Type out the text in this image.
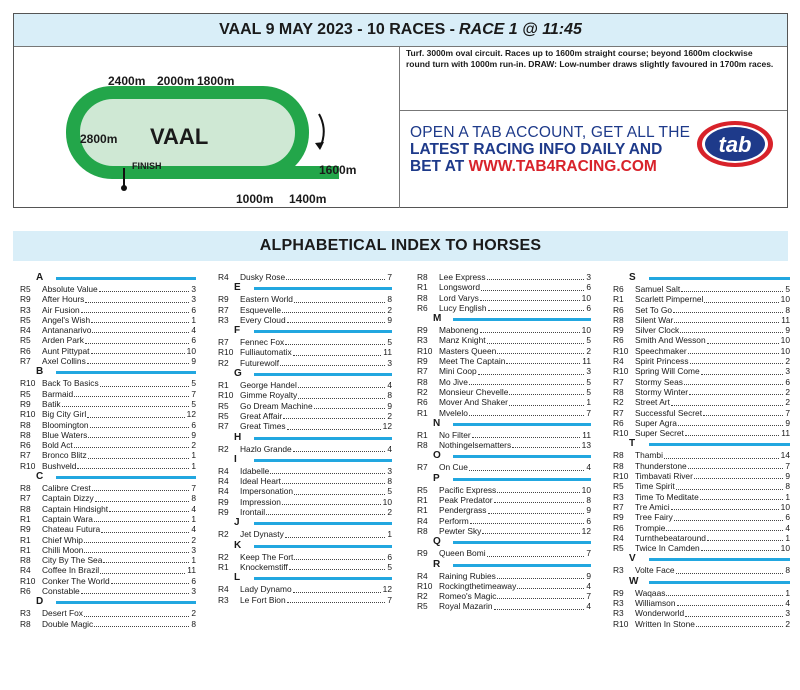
VAAL 9 MAY 2023 - 10 RACES - RACE 1 @ 11:45
2400m 2000m 1800m
2800m
1600m
1000m 1400m
VAAL
FINISH
Turf. 3000m oval circuit. Races up to 1600m straight course; beyond 1600m clockwise round turn with 1000m run-in. DRAW: Low-number draws slightly favoured in 1700m races.
OPEN A TAB ACCOUNT, GET ALL THE
LATEST RACING INFO DAILY AND
BET AT WWW.TAB4RACING.COM
tab
ALPHABETICAL INDEX TO HORSES
A
R5	Absolute Value	3
R9	After Hours	3
R3	Air Fusion	6
R5	Angel's Wish	1
R4	Antananarivo	4
R5	Arden Park	6
R6	Aunt Pittypat	10
R7	Axel Collins	9
B
R10 Back To Basics	5
R5	Barmaid	7
R9	Batik	5
R10 Big City Girl	12
R8	Bloomington	6
R8	Blue Waters	9
R6	Bold Act	2
R7	Bronco Blitz	1
R10 Bushveld	1
C
R8	Calibre Crest	7
R7	Captain Dizzy	8
R8	Captain Hindsight	4
R1	Captain Wara	1
R9	Chateau Futura	4
R1	Chief Whip	2
R1	Chilli Moon	3
R8	City By The Sea	1
R4	Coffee In Brazil	11
R10 Conker The World	6
R6	Constable	3
D
R3	Desert Fox	2
R8	Double Magic	8
R4	Dusky Rose	7
E
R9	Eastern World	8
R7	Esquevelle	2
R3	Every Cloud	9
F
R7	Fennec Fox	5
R10 Fulliautomatix	11
R2	Futurewolf	3
G
R1	George Handel	4
R10 Gimme Royalty	8
R5	Go Dream Machine	9
R5	Great Affair	2
R7	Great Times	12
H
R2	Hazlo Grande	4
I
R4	Idabelle	3
R4	Ideal Heart	8
R4	Impersonation	5
R9	Impression	10
R9	Irontail	2
J
R2	Jet Dynasty	1
K
R2	Keep The Fort	6
R1	Knockemstiff	5
L
R4	Lady Dynamo	12
R3	Le Fort Bion	7
R8	Lee Express	3
R1	Longsword	6
R8	Lord Varys	10
R6	Lucy English	6
M
R9	Maboneng	10
R3	Manz Knight	5
R10 Masters Queen	2
R9	Meet The Captain	11
R7	Mini Coop	3
R8	Mo Jive	5
R2	Monsieur Chevelle	5
R6	Mover And Shaker	1
R1	Mvelelo	7
N
R1	No Filter	11
R8	Nothingelsematters	13
O
R7	On Cue	4
P
R5	Pacific Express	10
R1	Peak Predator	8
R1	Pendergrass	9
R4	Perform	6
R8	Pewter Sky	12
Q
R9	Queen Bomi	7
R
R4	Raining Rubies	9
R10 Rockingthetimeaway	4
R2	Romeo's Magic	7
R5	Royal Mazarin	4
S
R6	Samuel Salt	5
R1	Scarlett Pimpernel	10
R6	Set To Go	8
R8	Silent War	11
R9	Silver Clock	9
R6	Smith And Wesson	10
R10 Speechmaker	10
R4	Spirit Princess	2
R10 Spring Will Come	3
R7	Stormy Seas	6
R8	Stormy Winter	2
R2	Street Art	2
R7	Successful Secret	7
R6	Super Agra	9
R10 Super Secret	11
T
R8	Thambi	14
R8	Thunderstone	7
R10 Timbavati River	9
R5	Time Spirit	8
R3	Time To Meditate	1
R7	Tre Amici	10
R9	Tree Fairy	6
R6	Trompie	4
R4	Turnthebeataround	1
R5	Twice In Camden	10
V
R3	Volte Face	8
W
R9	Waqaas	1
R3	Williamson	4
R3	Wonderworld	3
R10 Written In Stone	2
